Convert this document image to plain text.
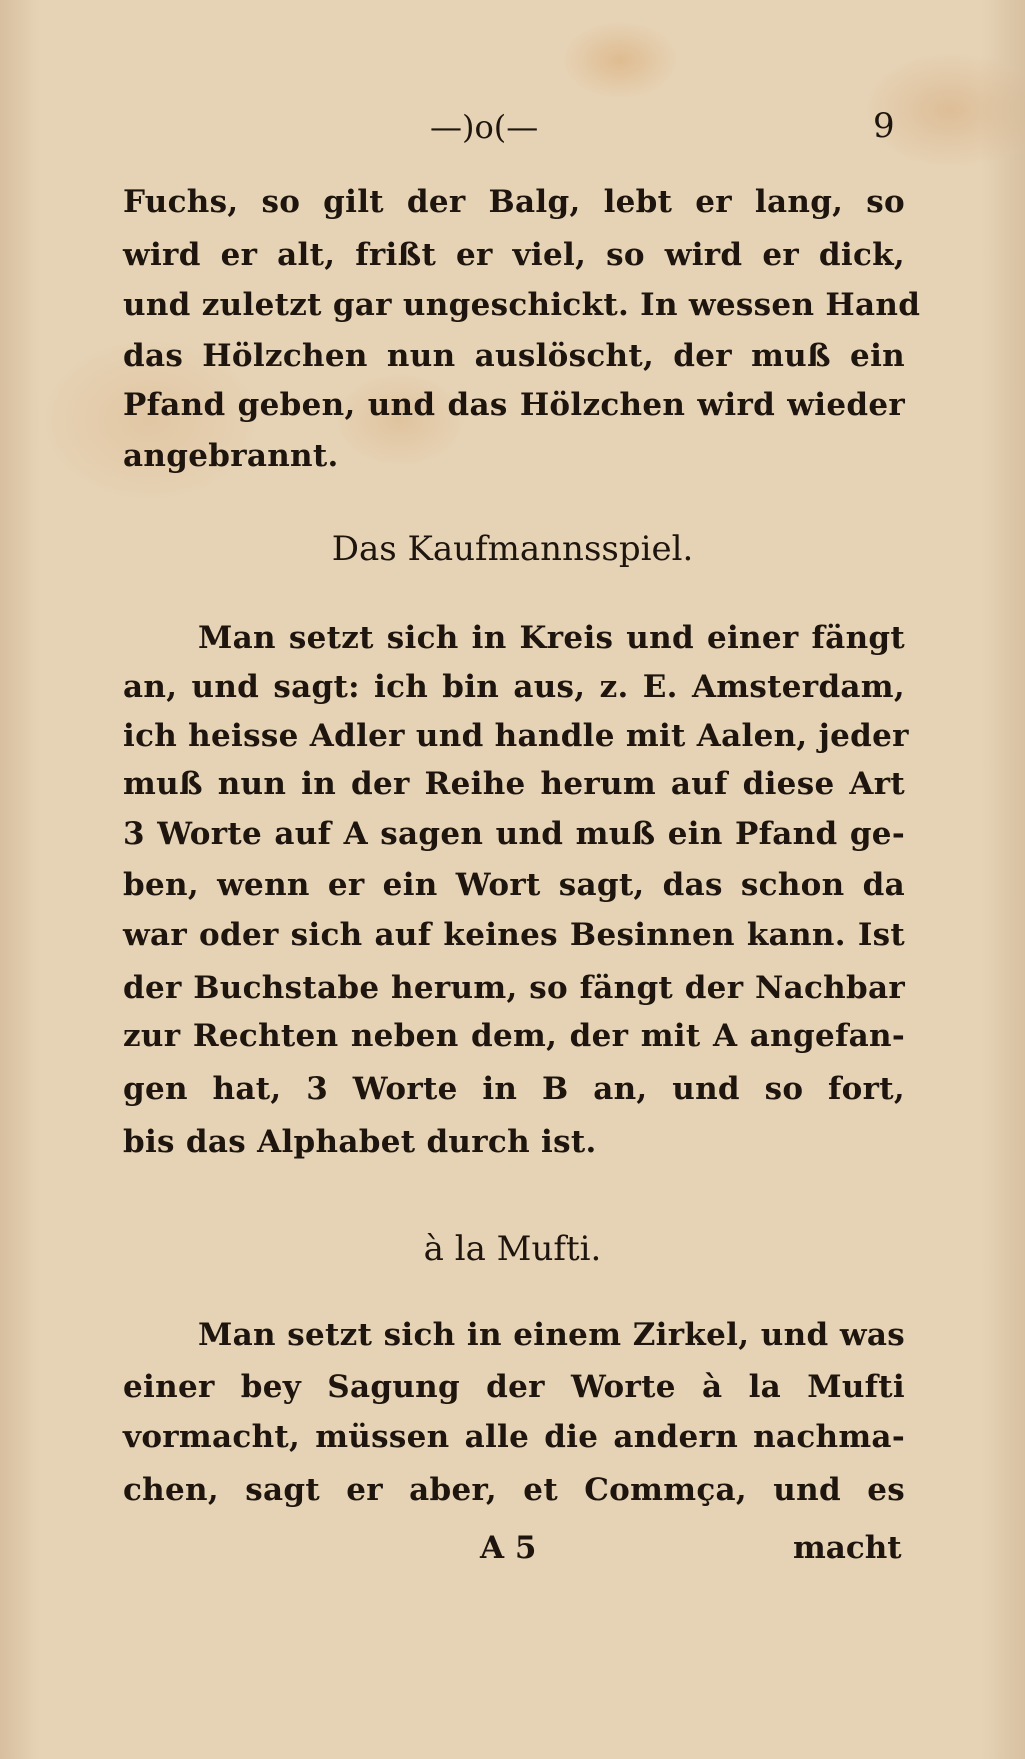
—)o(—	9
Fuchs, so gilt der Balg, lebt er lang, so
wird er alt, frißt er viel, so wird er dick,
und zuletzt gar ungeschickt. In wessen Hand
das Hölzchen nun auslöscht, der muß ein
Pfand geben, und das Hölzchen wird wieder
angebrannt.
Das Kaufmannsspiel.
Man setzt sich in Kreis und einer fängt
an, und sagt: ich bin aus, z. E. Amsterdam,
ich heisse Adler und handle mit Aalen, jeder
muß nun in der Reihe herum auf diese Art
3 Worte auf A sagen und muß ein Pfand ge-
ben, wenn er ein Wort sagt, das schon da
war oder sich auf keines Besinnen kann. Ist
der Buchstabe herum, so fängt der Nachbar
zur Rechten neben dem, der mit A angefan-
gen hat, 3 Worte in B an, und so fort,
bis das Alphabet durch ist.
à la Mufti.
Man setzt sich in einem Zirkel, und was
einer bey Sagung der Worte à la Mufti
vormacht, müssen alle die andern nachma-
chen, sagt er aber, et Commça, und es
A 5	macht
